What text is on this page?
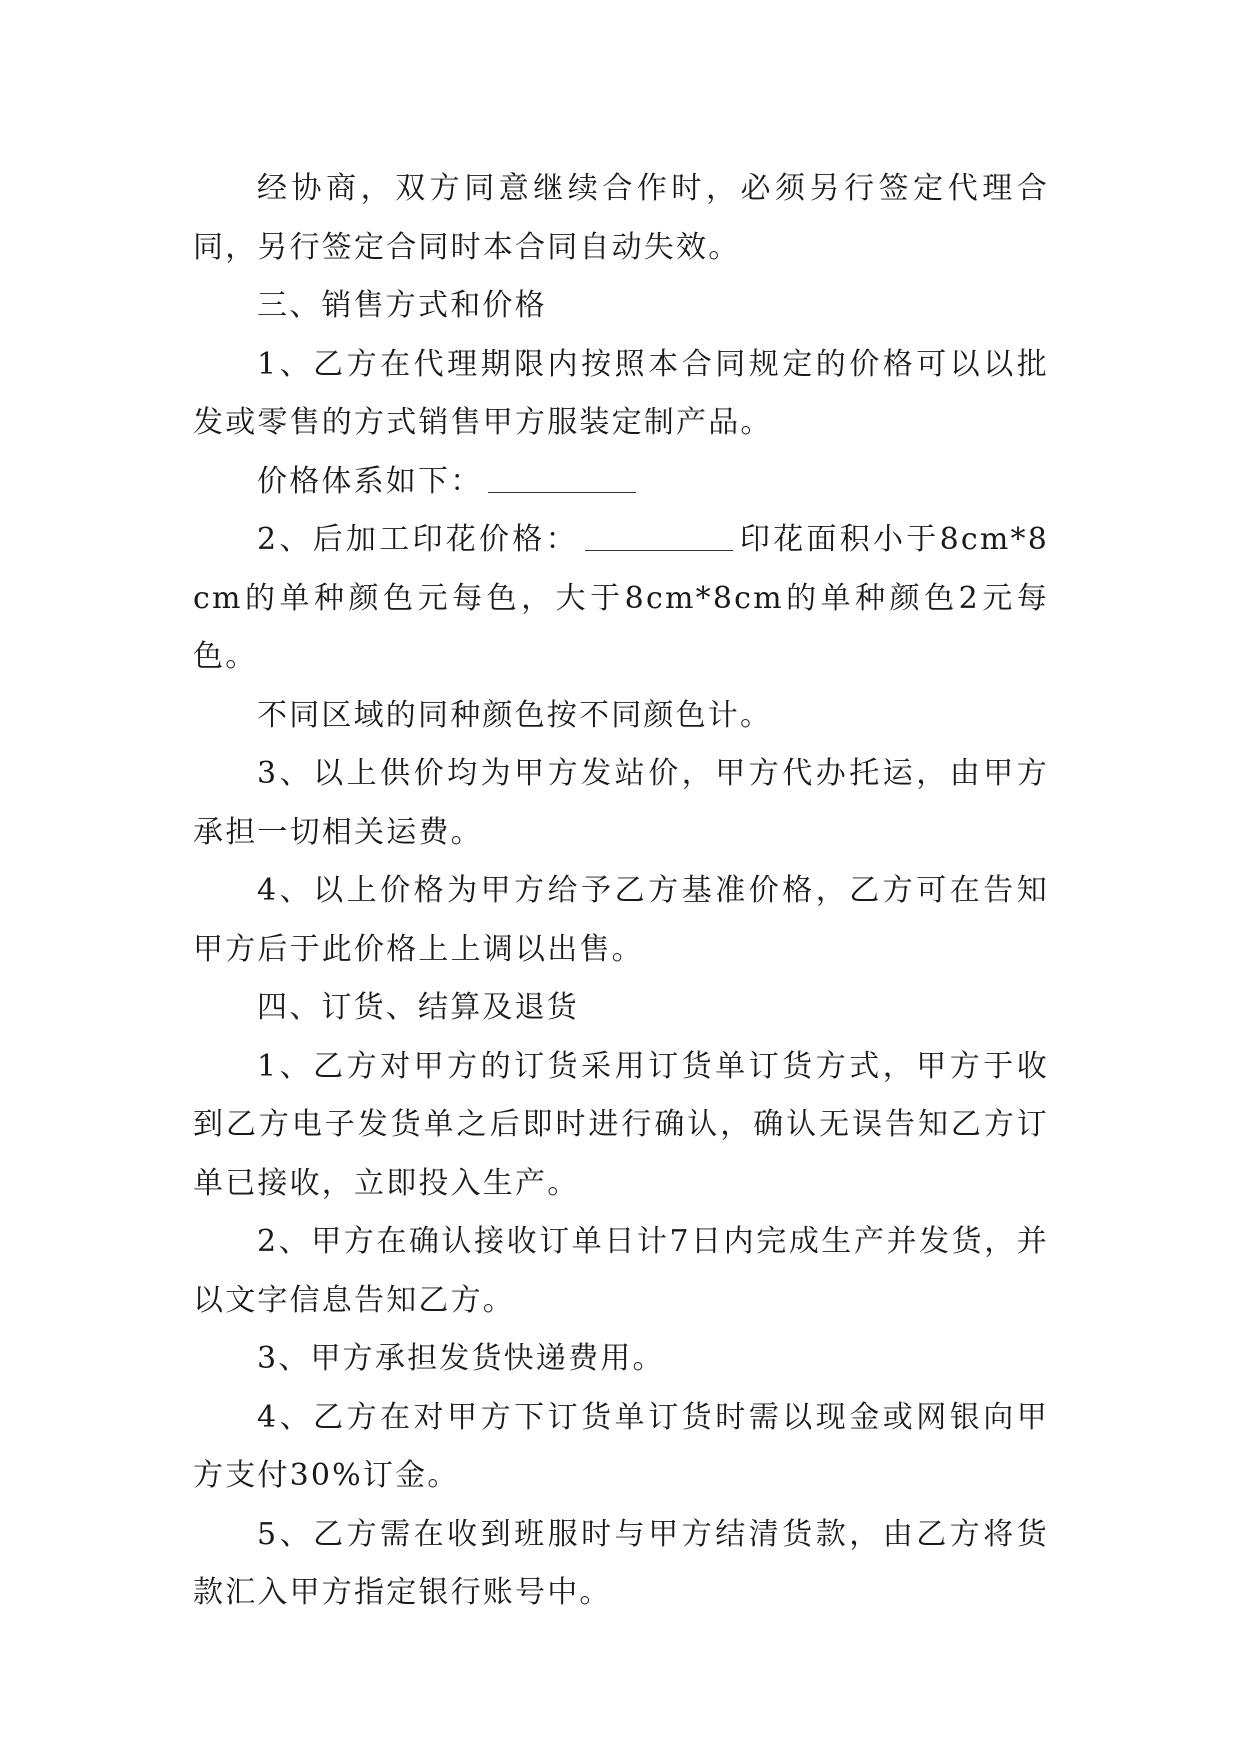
经协商，双方同意继续合作时，必须另行签定代理合同，另行签定合同时本合同自动失效。

三、销售方式和价格

1、乙方在代理期限内按照本合同规定的价格可以以批发或零售的方式销售甲方服装定制产品。

价格体系如下：

2、后加工印花价格：	印花面积小于8cm*8cm的单种颜色元每色，大于8cm*8cm的单种颜色2元每色。

不同区域的同种颜色按不同颜色计。

3、以上供价均为甲方发站价，甲方代办托运，由甲方承担一切相关运费。

4、以上价格为甲方给予乙方基准价格，乙方可在告知甲方后于此价格上上调以出售。

四、订货、结算及退货

1、乙方对甲方的订货采用订货单订货方式，甲方于收到乙方电子发货单之后即时进行确认，确认无误告知乙方订单已接收，立即投入生产。

2、甲方在确认接收订单日计7日内完成生产并发货，并以文字信息告知乙方。

3、甲方承担发货快递费用。

4、乙方在对甲方下订货单订货时需以现金或网银向甲方支付30%订金。

5、乙方需在收到班服时与甲方结清货款，由乙方将货款汇入甲方指定银行账号中。
